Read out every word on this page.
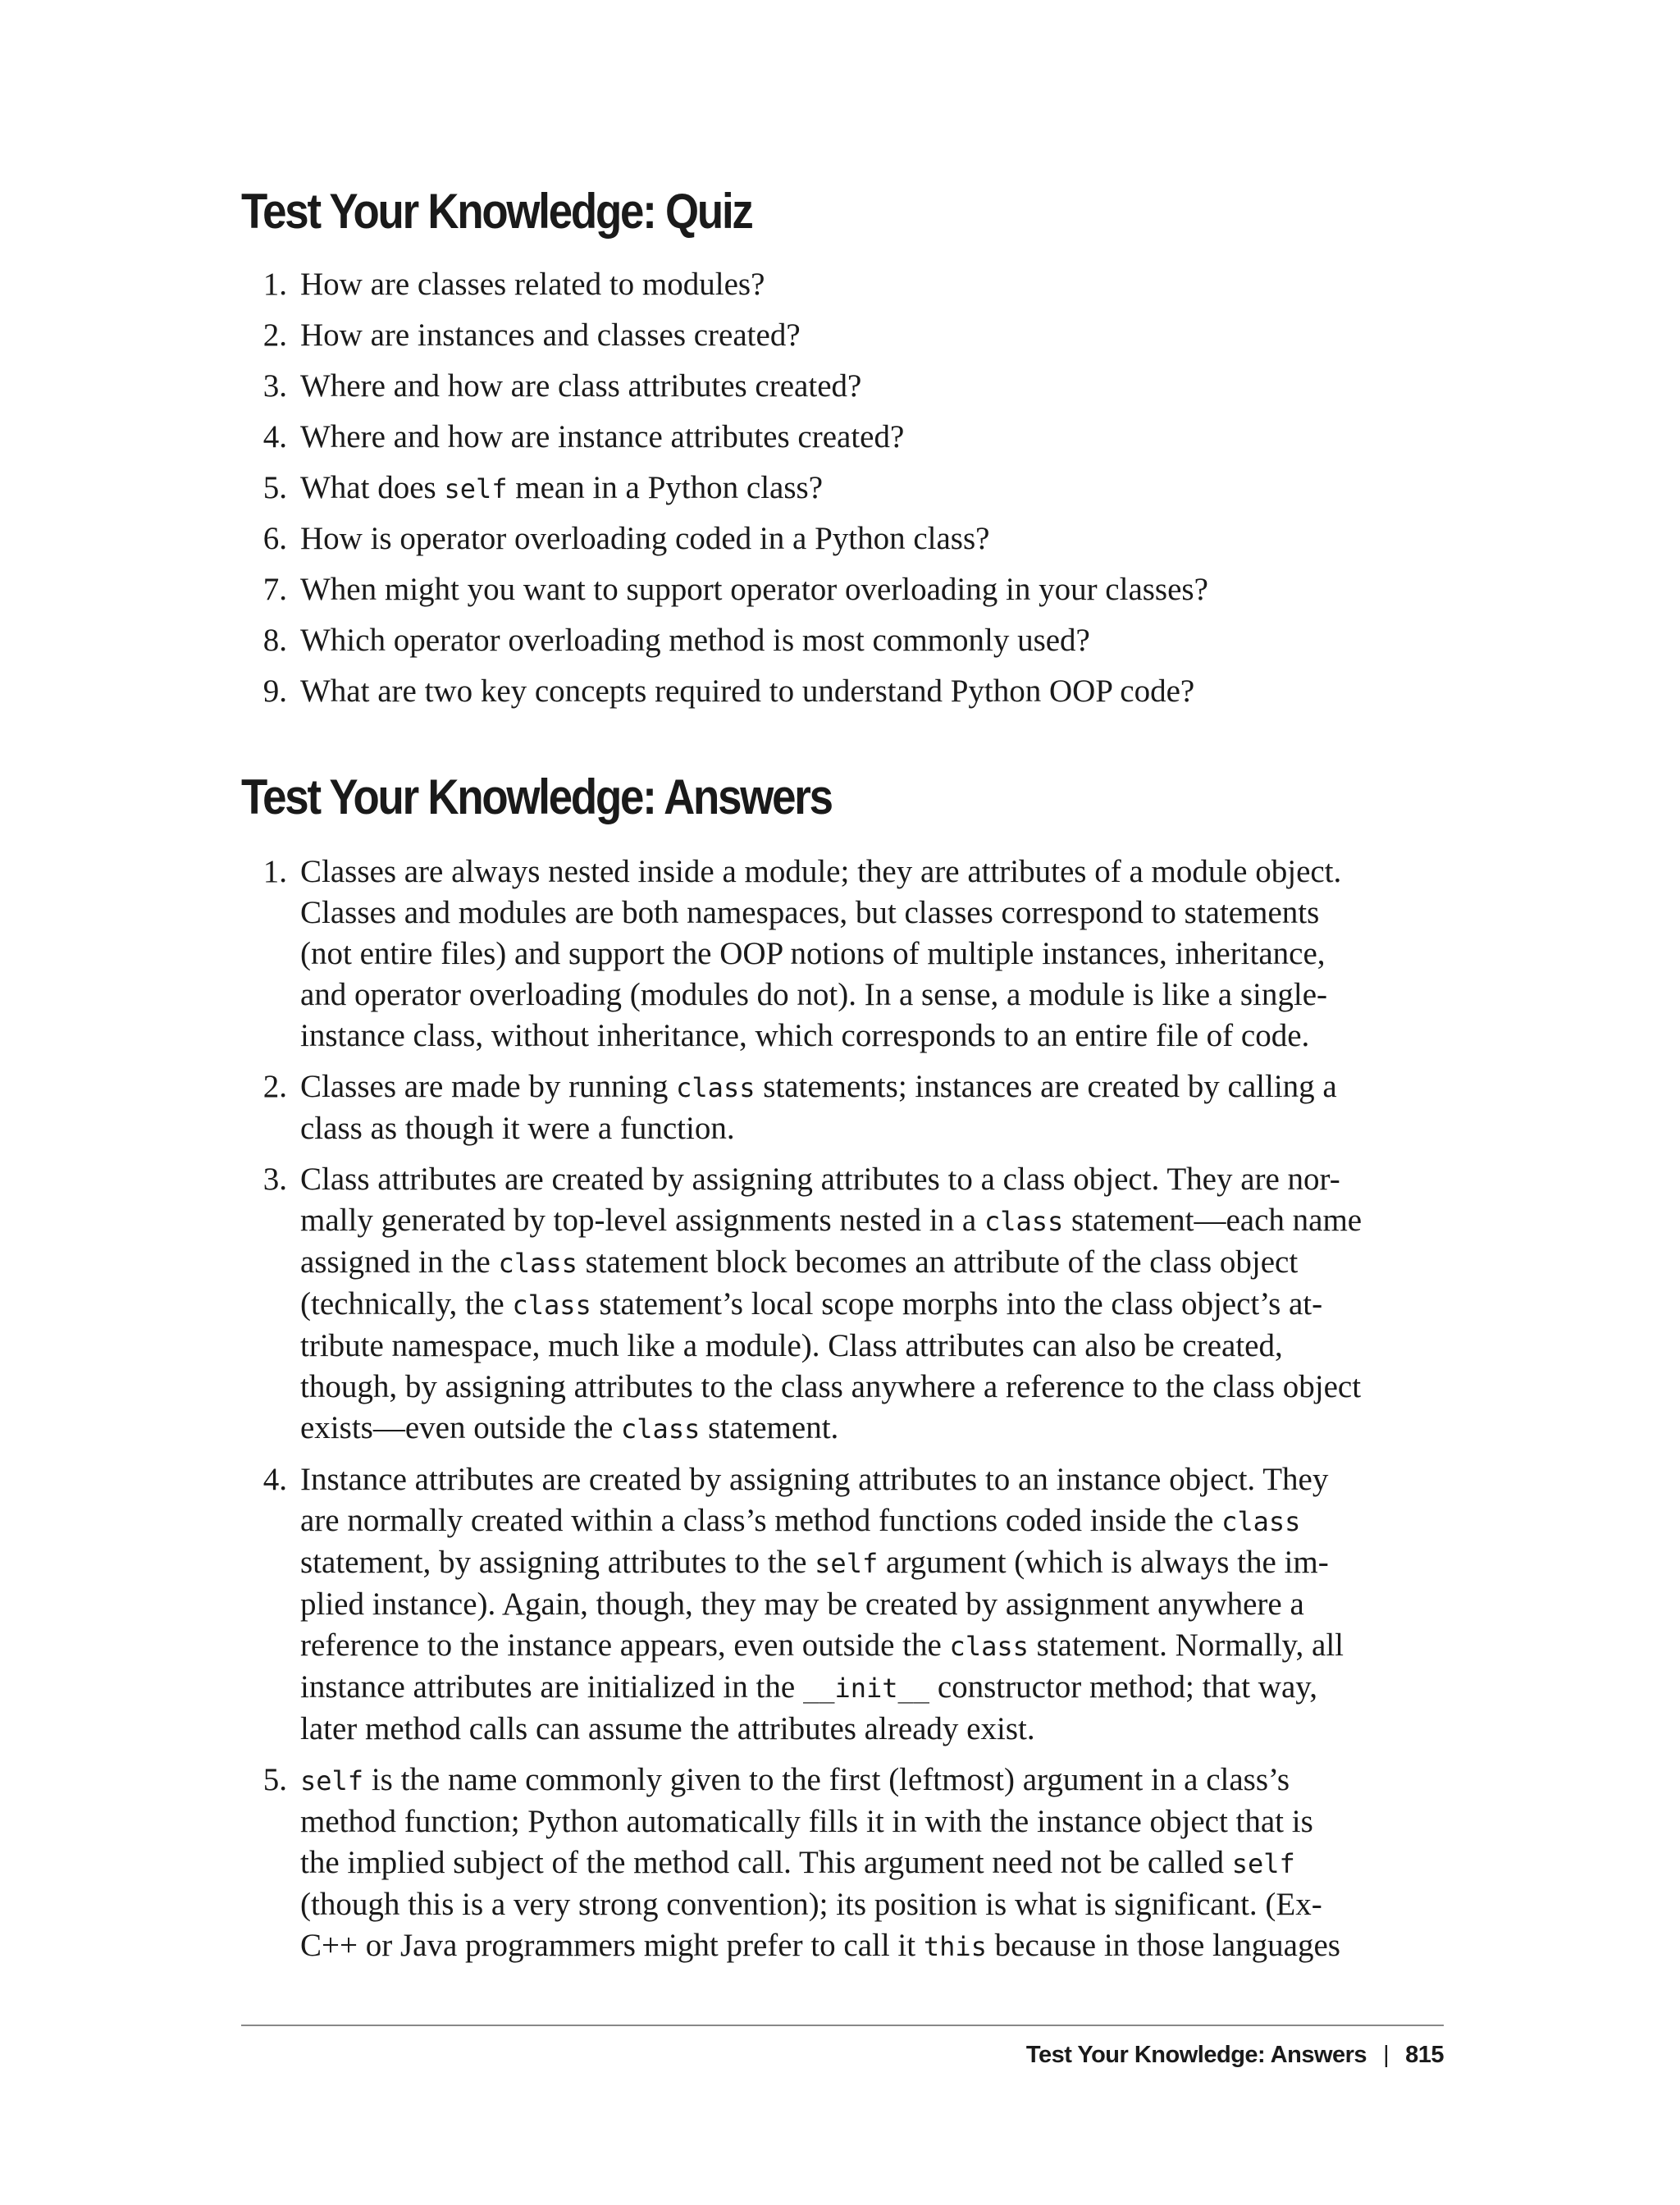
Test Your Knowledge: Quiz
1. How are classes related to modules?
2. How are instances and classes created?
3. Where and how are class attributes created?
4. Where and how are instance attributes created?
5. What does self mean in a Python class?
6. How is operator overloading coded in a Python class?
7. When might you want to support operator overloading in your classes?
8. Which operator overloading method is most commonly used?
9. What are two key concepts required to understand Python OOP code?
Test Your Knowledge: Answers
1. Classes are always nested inside a module; they are attributes of a module object.
Classes and modules are both namespaces, but classes correspond to statements
(not entire files) and support the OOP notions of multiple instances, inheritance,
and operator overloading (modules do not). In a sense, a module is like a single-
instance class, without inheritance, which corresponds to an entire file of code.
2. Classes are made by running class statements; instances are created by calling a
class as though it were a function.
3. Class attributes are created by assigning attributes to a class object. They are nor-
mally generated by top-level assignments nested in a class statement—each name
assigned in the class statement block becomes an attribute of the class object
(technically, the class statement’s local scope morphs into the class object’s at-
tribute namespace, much like a module). Class attributes can also be created,
though, by assigning attributes to the class anywhere a reference to the class object
exists—even outside the class statement.
4. Instance attributes are created by assigning attributes to an instance object. They
are normally created within a class’s method functions coded inside the class
statement, by assigning attributes to the self argument (which is always the im-
plied instance). Again, though, they may be created by assignment anywhere a
reference to the instance appears, even outside the class statement. Normally, all
instance attributes are initialized in the __init__ constructor method; that way,
later method calls can assume the attributes already exist.
5. self is the name commonly given to the first (leftmost) argument in a class’s
method function; Python automatically fills it in with the instance object that is
the implied subject of the method call. This argument need not be called self
(though this is a very strong convention); its position is what is significant. (Ex-
C++ or Java programmers might prefer to call it this because in those languages
Test Your Knowledge: Answers | 815
